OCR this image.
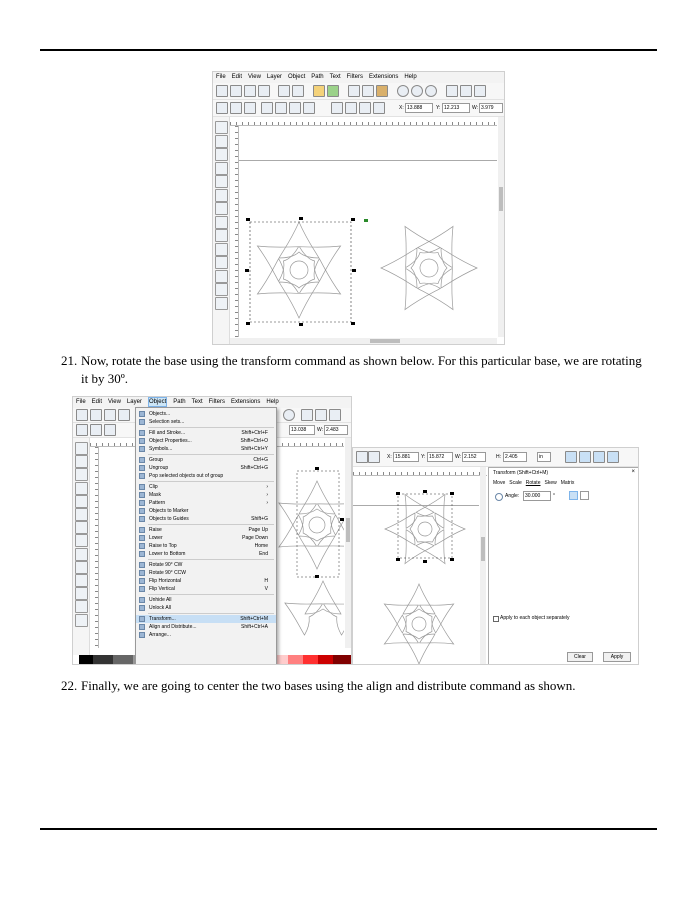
File Edit View Layer Object Path Text Filters Extensions Help
X: 13.888	Y: 12.213	W: 3.979
21. Now, rotate the base using the transform command as shown below. For this particular base, we are rotating it by 30º.
File Edit View Layer Object Path Text Filters Extensions Help
13.038	W: 2.483
Objects...
Selection sets...
Fill and Stroke...	Shift+Ctrl+F
Object Properties...	Shift+Ctrl+O
Symbols...	Shift+Ctrl+Y
Group	Ctrl+G
Ungroup	Shift+Ctrl+G
Pop selected objects out of group
Clip	›
Mask	›
Pattern	›
Objects to Marker
Objects to Guides	Shift+G
Raise	Page Up
Lower	Page Down
Raise to Top	Home
Lower to Bottom	End
Rotate 90° CW
Rotate 90° CCW
Flip Horizontal	H
Flip Vertical	V
Unhide All
Unlock All
Transform...	Shift+Ctrl+M
Align and Distribute...	Shift+Ctrl+A
Arrange...
X: 15.881	Y: 15.872	W: 2.152	H: 2.405	in
Transform (Shift+Ctrl+M)	×
Move Scale Rotate Skew Matrix
Angle:	30.000	°
Apply to each object separately
Clear	Apply
22. Finally, we are going to center the two bases using the align and distribute command as shown.
